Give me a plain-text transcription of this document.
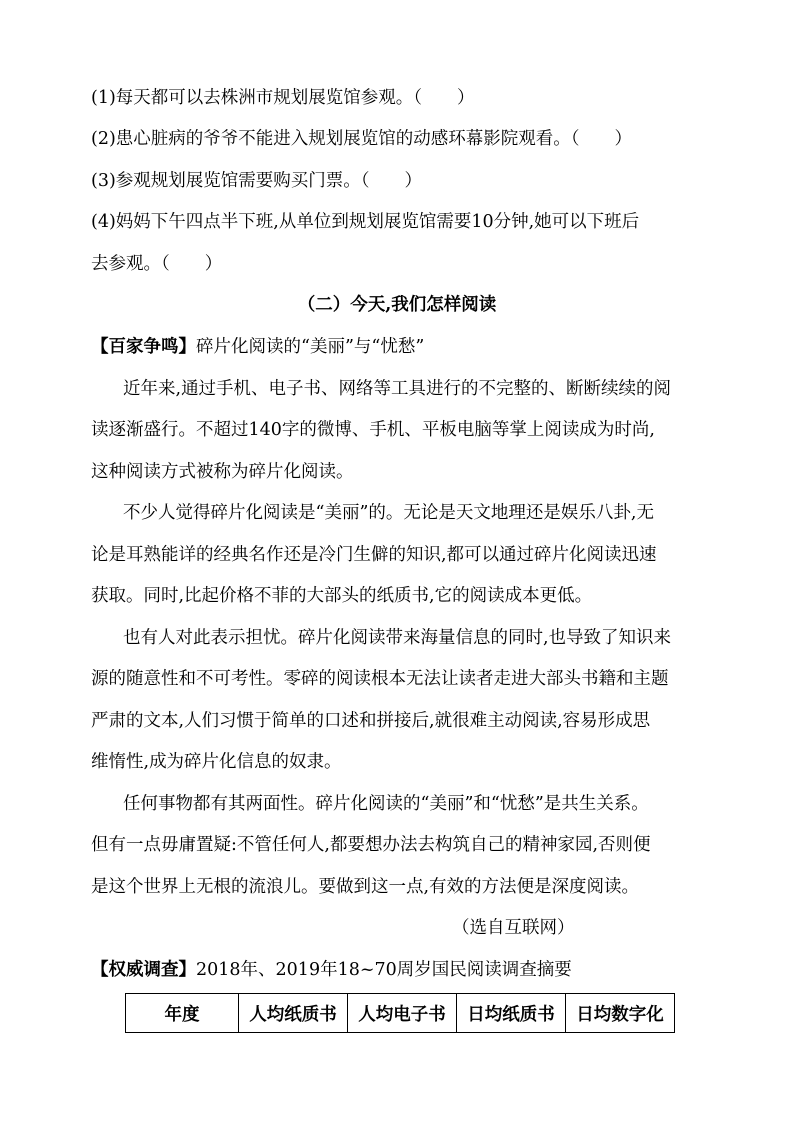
(1)每天都可以去株洲市规划展览馆参观。（　　）
(2)患心脏病的爷爷不能进入规划展览馆的动感环幕影院观看。（　　）
(3)参观规划展览馆需要购买门票。（　　）
(4)妈妈下午四点半下班,从单位到规划展览馆需要10分钟,她可以下班后
去参观。（　　）
（二）今天,我们怎样阅读
【百家争鸣】碎片化阅读的“美丽”与“忧愁”
近年来,通过手机、电子书、网络等工具进行的不完整的、断断续续的阅
读逐渐盛行。不超过140字的微博、手机、平板电脑等掌上阅读成为时尚,
这种阅读方式被称为碎片化阅读。
不少人觉得碎片化阅读是“美丽”的。无论是天文地理还是娱乐八卦,无
论是耳熟能详的经典名作还是冷门生僻的知识,都可以通过碎片化阅读迅速
获取。同时,比起价格不菲的大部头的纸质书,它的阅读成本更低。
也有人对此表示担忧。碎片化阅读带来海量信息的同时,也导致了知识来
源的随意性和不可考性。零碎的阅读根本无法让读者走进大部头书籍和主题
严肃的文本,人们习惯于简单的口述和拼接后,就很难主动阅读,容易形成思
维惰性,成为碎片化信息的奴隶。
任何事物都有其两面性。碎片化阅读的“美丽”和“忧愁”是共生关系。
但有一点毋庸置疑:不管任何人,都要想办法去构筑自己的精神家园,否则便
是这个世界上无根的流浪儿。要做到这一点,有效的方法便是深度阅读。
（选自互联网）
【权威调查】2018年、2019年18~70周岁国民阅读调查摘要
年度	人均纸质书	人均电子书	日均纸质书	日均数字化
